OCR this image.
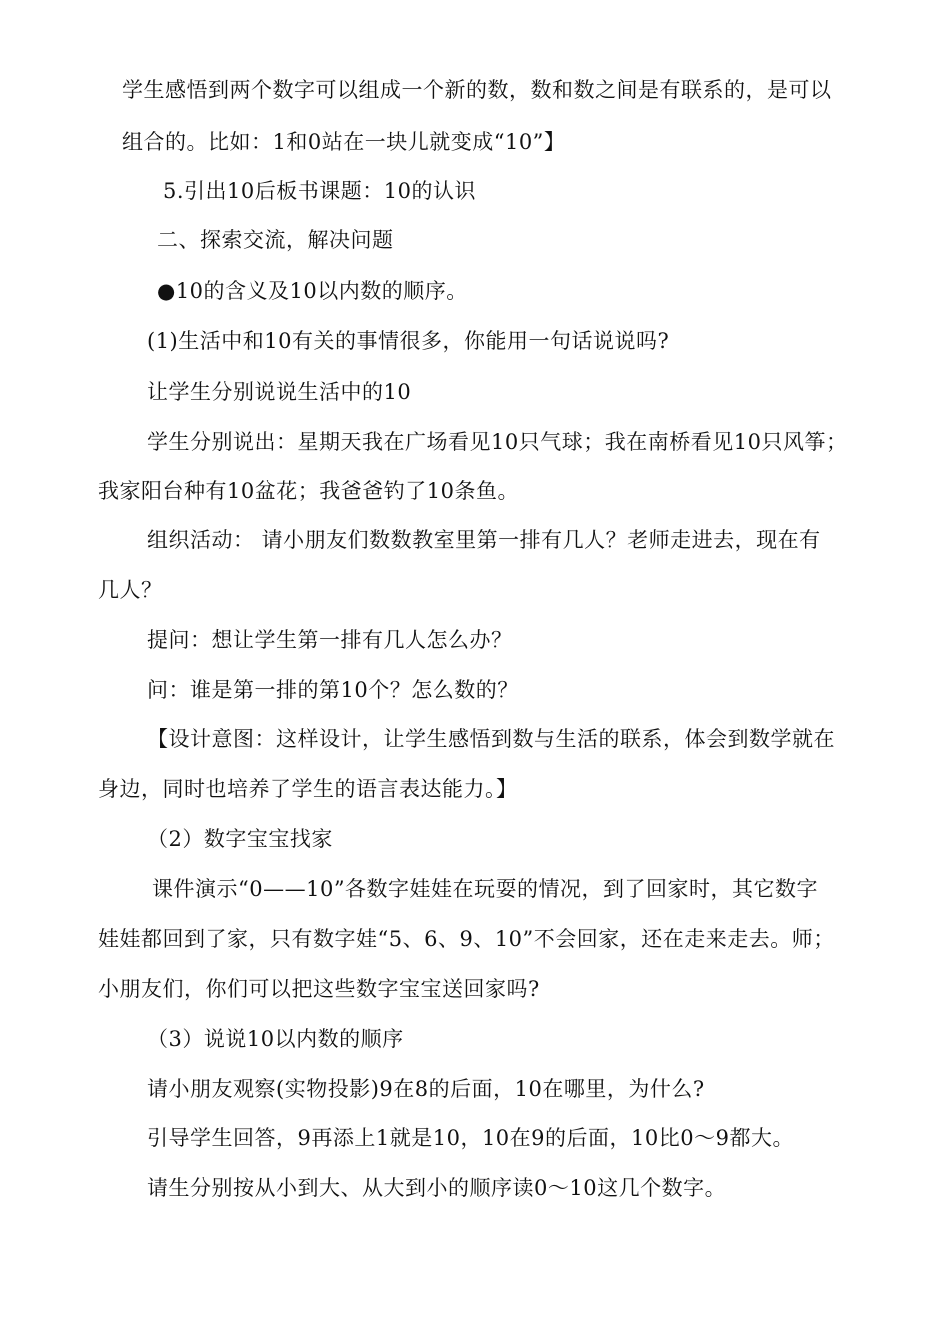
学生感悟到两个数字可以组成一个新的数，数和数之间是有联系的，是可以
组合的。比如：1和0站在一块儿就变成“10”】
5.引出10后板书课题：10的认识
二、探索交流，解决问题
●10的含义及10以内数的顺序。
(1)生活中和10有关的事情很多，你能用一句话说说吗?
让学生分别说说生活中的10
学生分别说出：星期天我在广场看见10只气球；我在南桥看见10只风筝；
我家阳台种有10盆花；我爸爸钓了10条鱼。
组织活动： 请小朋友们数数教室里第一排有几人？老师走进去，现在有
几人？
提问：想让学生第一排有几人怎么办？
问：谁是第一排的第10个？怎么数的？
【设计意图：这样设计，让学生感悟到数与生活的联系，体会到数学就在
身边，同时也培养了学生的语言表达能力。】
（2）数字宝宝找家
课件演示“0——10”各数字娃娃在玩耍的情况，到了回家时，其它数字
娃娃都回到了家，只有数字娃“5、6、9、10”不会回家，还在走来走去。师；
小朋友们，你们可以把这些数字宝宝送回家吗?
（3）说说10以内数的顺序
请小朋友观察(实物投影)9在8的后面，10在哪里，为什么?
引导学生回答，9再添上1就是10，10在9的后面，10比0～9都大。
请生分别按从小到大、从大到小的顺序读0～10这几个数字。
